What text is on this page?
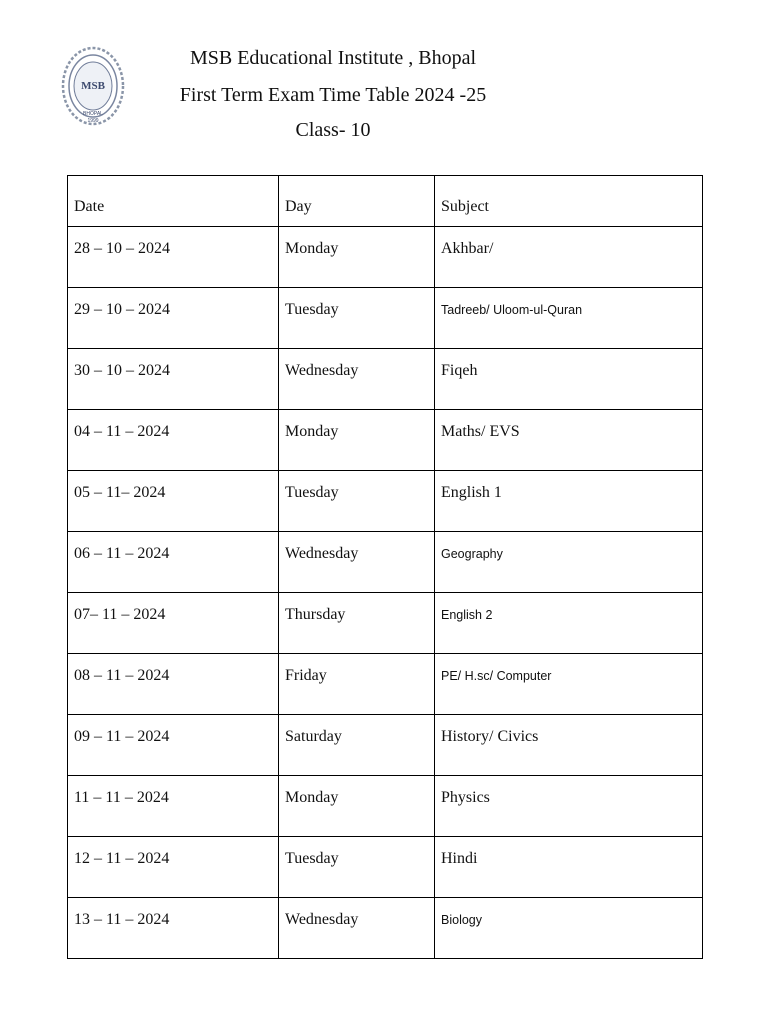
MSB
BHOPAL
1999
MSB Educational Institute , Bhopal
First Term Exam Time Table 2024 -25
Class- 10
Date	Day	Subject

28 – 10 – 2024	Monday	Akhbar/

29 – 10 – 2024	Tuesday	Tadreeb/ Uloom-ul-Quran

30 – 10 – 2024	Wednesday	Fiqeh

04 – 11 – 2024	Monday	Maths/ EVS

05 – 11– 2024	Tuesday	English 1

06 – 11 – 2024	Wednesday	Geography

07– 11 – 2024	Thursday	English 2

08 – 11 – 2024	Friday	PE/ H.sc/ Computer

09 – 11 – 2024	Saturday	History/ Civics

11 – 11 – 2024	Monday	Physics

12 – 11 – 2024	Tuesday	Hindi

13 – 11 – 2024	Wednesday	Biology
